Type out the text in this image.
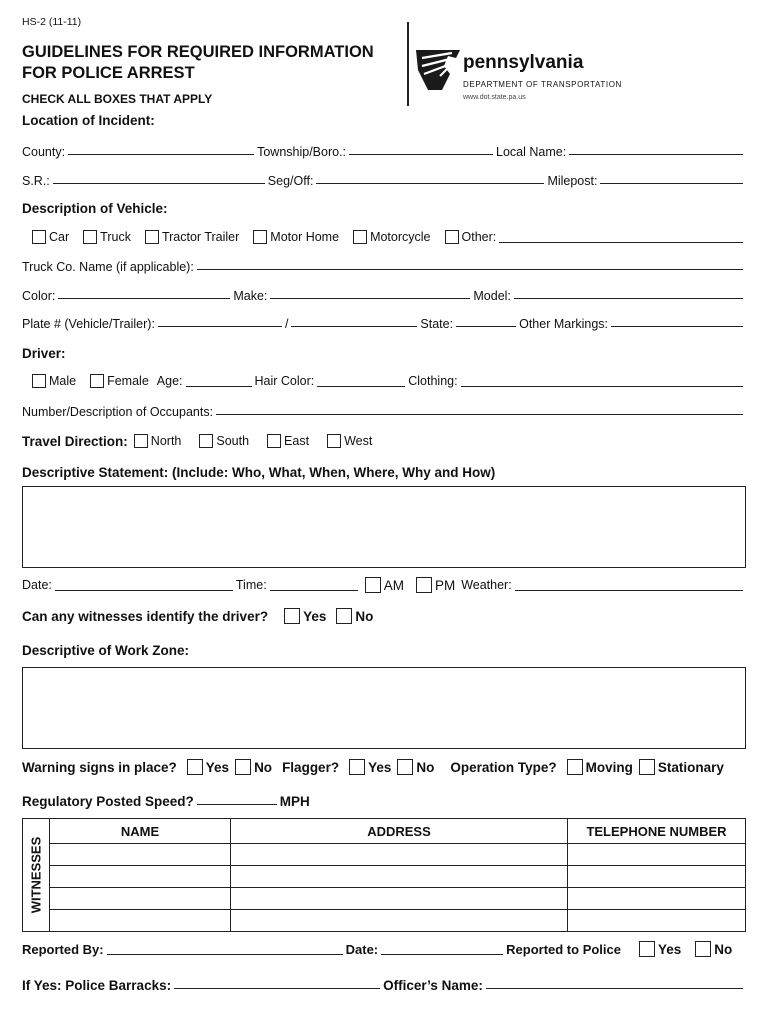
HS-2 (11-11)
GUIDELINES FOR REQUIRED INFORMATION
FOR POLICE ARREST
CHECK ALL BOXES THAT APPLY
pennsylvania
DEPARTMENT OF TRANSPORTATION
www.dot.state.pa.us
Location of Incident:
County:	Township/Boro.:	Local Name:
S.R.:	Seg/Off:	Milepost:
Description of Vehicle:
Car Truck Tractor Trailer Motor Home Motorcycle Other:
Truck Co. Name (if applicable):
Color:	Make:	Model:
Plate # (Vehicle/Trailer):	/	State:	Other Markings:
Driver:
Male Female Age:	Hair Color:	Clothing:
Number/Description of Occupants:
Travel Direction: North	South	East	West
Descriptive Statement: (Include: Who, What, When, Where, Why and How)
Date:	Time:	AM PM Weather:
Can any witnesses identify the driver?	Yes No
Descriptive of Work Zone:
Warning signs in place? Yes No Flagger? Yes No Operation Type? Moving Stationary
Regulatory Posted Speed?	MPH
WITNESSES	NAME	ADDRESS	TELEPHONE NUMBER

Reported By:	Date:	Reported to Police	Yes No
If Yes: Police Barracks:	Officer’s Name:
